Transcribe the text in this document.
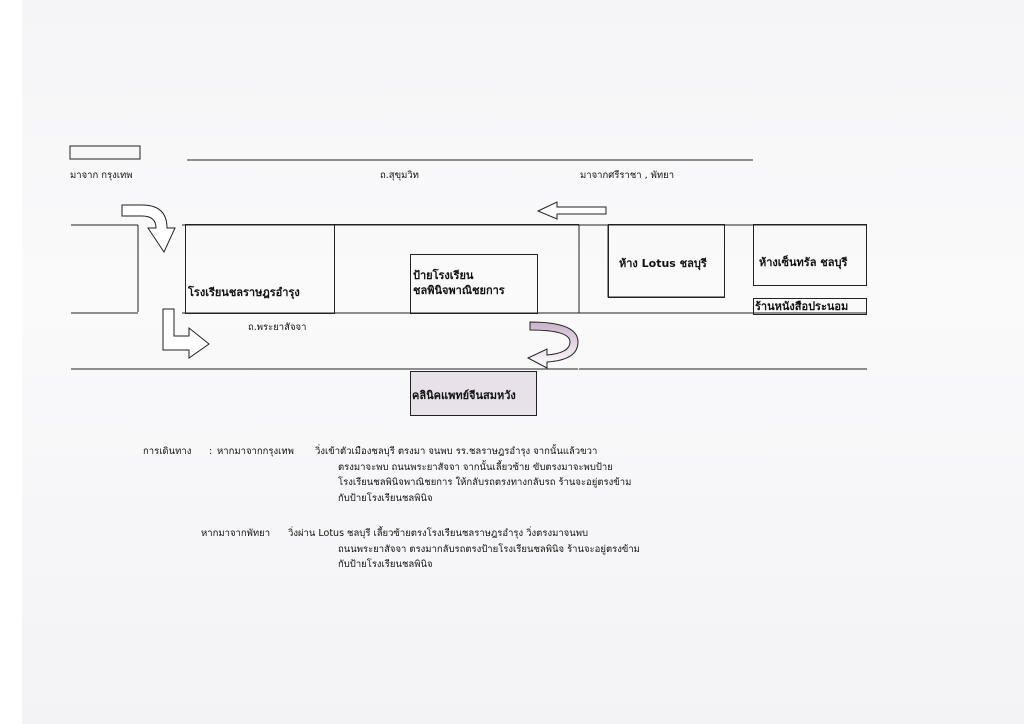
มาจาก กรุงเทพ	ถ.สุขุมวิท	มาจากศรีราชา , พัทยา
โรงเรียนชลราษฎรอำรุง
ป้ายโรงเรียน
ชลพินิจพาณิชยการ
ห้าง Lotus ชลบุรี	ห้างเซ็นทรัล ชลบุรี
ร้านหนังสือประนอม
ถ.พระยาสัจจา
คลินิคแพทย์จีนสมหวัง
การเดินทาง : หากมาจากกรุงเทพ วิ่งเข้าตัวเมืองชลบุรี ตรงมา จนพบ รร.ชลราษฎรอำรุง จากนั้นแล้วขวา
ตรงมาจะพบ ถนนพระยาสัจจา จากนั้นเลี้ยวซ้าย ขับตรงมาจะพบป้าย
โรงเรียนชลพินิจพาณิชยการ ให้กลับรถตรงทางกลับรถ ร้านจะอยู่ตรงข้าม
กับป้ายโรงเรียนชลพินิจ
หากมาจากพัทยา วิ่งผ่าน Lotus ชลบุรี เลี้ยวซ้ายตรงโรงเรียนชลราษฎรอำรุง วิ่งตรงมาจนพบ
ถนนพระยาสัจจา ตรงมากลับรถตรงป้ายโรงเรียนชลพินิจ ร้านจะอยู่ตรงข้าม
กับป้ายโรงเรียนชลพินิจ
